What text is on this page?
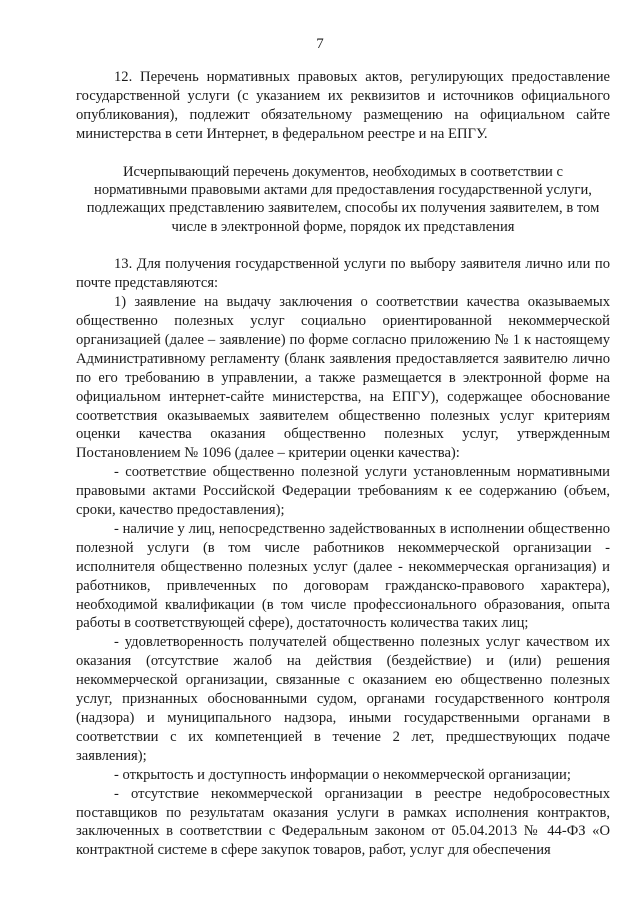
7

12. Перечень нормативных правовых актов, регулирующих предоставление государственной услуги (с указанием их реквизитов и источников официального опубликования), подлежит обязательному размещению на официальном сайте министерства в сети Интернет, в федеральном реестре и на ЕПГУ.

Исчерпывающий перечень документов, необходимых в соответствии с нормативными правовыми актами для предоставления государственной услуги, подлежащих представлению заявителем, способы их получения заявителем, в том числе в электронной форме, порядок их представления

13. Для получения государственной услуги по выбору заявителя лично или по почте представляются:

1) заявление на выдачу заключения о соответствии качества оказываемых общественно полезных услуг социально ориентированной некоммерческой организацией (далее – заявление) по форме согласно приложению № 1 к настоящему Административному регламенту (бланк заявления предоставляется заявителю лично по его требованию в управлении, а также размещается в электронной форме на официальном интернет-сайте министерства, на ЕПГУ), содержащее обоснование соответствия оказываемых заявителем общественно полезных услуг критериям оценки качества оказания общественно полезных услуг, утвержденным Постановлением № 1096 (далее – критерии оценки качества):

- соответствие общественно полезной услуги установленным нормативными правовыми актами Российской Федерации требованиям к ее содержанию (объем, сроки, качество предоставления);

- наличие у лиц, непосредственно задействованных в исполнении общественно полезной услуги (в том числе работников некоммерческой организации - исполнителя общественно полезных услуг (далее - некоммерческая организация) и работников, привлеченных по договорам гражданско-правового характера), необходимой квалификации (в том числе профессионального образования, опыта работы в соответствующей сфере), достаточность количества таких лиц;

- удовлетворенность получателей общественно полезных услуг качеством их оказания (отсутствие жалоб на действия (бездействие) и (или) решения некоммерческой организации, связанные с оказанием ею общественно полезных услуг, признанных обоснованными судом, органами государственного контроля (надзора) и муниципального надзора, иными государственными органами в соответствии с их компетенцией в течение 2 лет, предшествующих подаче заявления);

- открытость и доступность информации о некоммерческой организации;

- отсутствие некоммерческой организации в реестре недобросовестных поставщиков по результатам оказания услуги в рамках исполнения контрактов, заключенных в соответствии с Федеральным законом от 05.04.2013 № 44-ФЗ «О контрактной системе в сфере закупок товаров, работ, услуг для обеспечения
